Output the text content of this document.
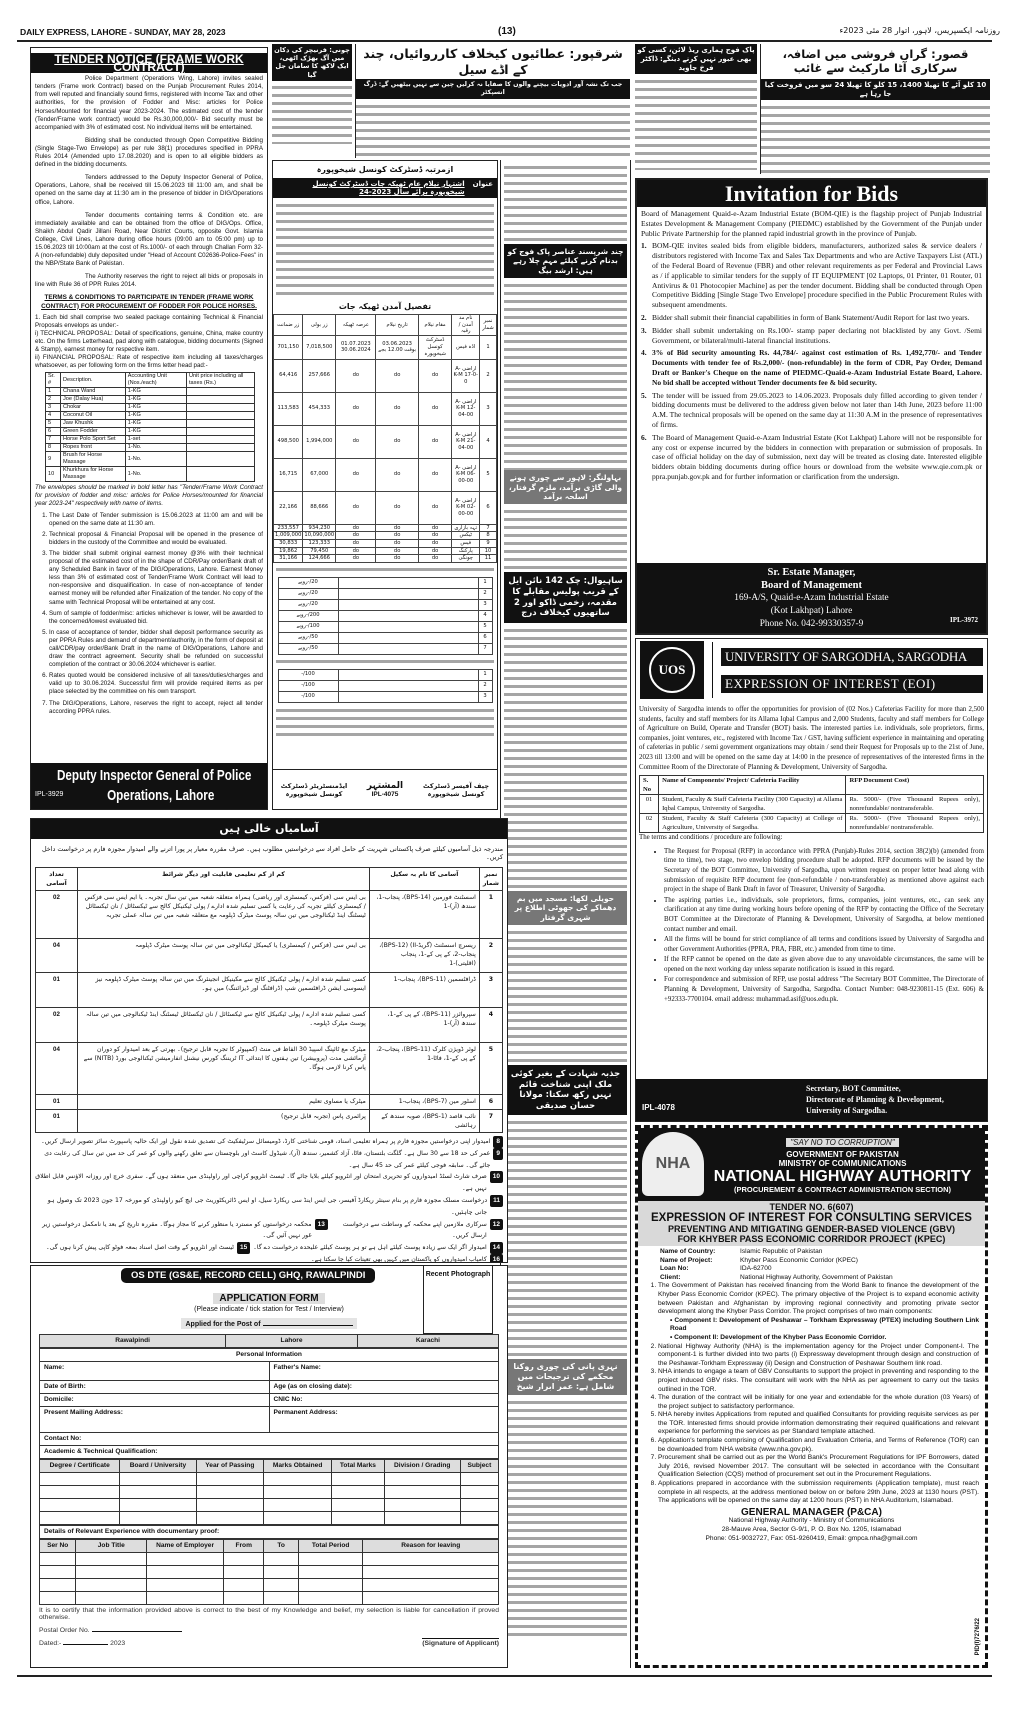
DAILY EXPRESS, LAHORE - SUNDAY, MAY 28, 2023	(13)	روزنامہ ایکسپریس، لاہور، اتوار 28 مئی 2023ء
TENDER NOTICE (FRAME WORK CONTRACT)

Police Department (Operations Wing, Lahore) invites sealed tenders (Frame work Contract) based on the Punjab Procurement Rules 2014, from well reputed and financially sound firms, registered with Income Tax and other authorities, for the provision of Fodder and Misc: articles for Police Horses/Mounted for financial year 2023-2024. The estimated cost of the tender (Tender/Frame work contract) would be Rs.30,000,000/- Bid security must be accompanied with 3% of estimated cost. No individual items will be entertained.

Bidding shall be conducted through Open Competitive Bidding (Single Stage-Two Envelope) as per rule 38(1) procedures specified in PPRA Rules 2014 (Amended upto 17.08.2020) and is open to all eligible bidders as defined in the bidding documents.

Tenders addressed to the Deputy Inspector General of Police, Operations, Lahore, shall be received till 15.06.2023 till 11:00 am, and shall be opened on the same day at 11:30 am in the presence of bidder in DIG/Operations office, Lahore.

Tender documents containing terms & Condition etc. are immediately available and can be obtained from the office of DIG/Ops. Office, Shaikh Abdul Qadir Jillani Road, Near District Courts, opposite Govt. Islamia College, Civil Lines, Lahore during office hours (09:00 am to 05:00 pm) up to 15.06.2023 till 10:00am at the cost of Rs.1000/- of each through Challan Form 32-A (non-refundable) duly deposited under "Head of Account C02636-Police-Fees" in the NBP/State Bank of Pakistan.

The Authority reserves the right to reject all bids or proposals in line with Rule 36 of PPR Rules 2014.

TERMS & CONDITIONS TO PARTICIPATE IN TENDER (FRAME WORK CONTRACT) FOR PROCUREMENT OF FODDER FOR POLICE HORSES.

1. Each bid shall comprise two sealed package containing Technical & Financial Proposals envelops as under:-

i) TECHNICAL PROPOSAL: Detail of specifications, genuine, China, make country etc. On the firms Letterhead, pad along with catalogue, bidding documents (Signed & Stamp), earnest money for respective item.

ii) FINANCIAL PROPOSAL: Rate of respective item including all taxes/charges whatsoever, as per following form on the firms letter head pad:-

Sr. #	Description.	Accounting Unit (Nos./each)	Unit price including all taxes (Rs.)
1	Chana Wand	1-KG	
2	Joe (Dalay Hua)	1-KG	
3	Chokar	1-KG	
4	Coconut Oil	1-KG	
5	Jaw Khushk	1-KG	
6	Green Fodder	1-KG	
7	Horse Polo Sport Set	1-set	
8	Ropes front	1-No.	
9	Brush for Horse Massage	1-No.	
10	Khurkhura for Horse Massage	1-No.	

The envelopes should be marked in bold letter has "Tender/Frame Work Contract for provision of fodder and misc: articles for Police Horses/mounted for financial year 2023-24" respectively with name of items.

1. The Last Date of Tender submission is 15.06.2023 at 11:00 am and will be opened on the same date at 11:30 am.
2. Technical proposal & Financial Proposal will be opened in the presence of bidders in the custody of the Committee and would be evaluated.
3. The bidder shall submit original earnest money @3% with their technical proposal of the estimated cost of in the shape of CDR/Pay order/Bank draft of any Scheduled Bank in favor of the DIG/Operations, Lahore. Earnest Money less than 3% of estimated cost of Tender/Frame Work Contract will lead to non-responsive and disqualification. In case of non-acceptance of tender earnest money will be refunded after Finalization of the tender. No copy of the same with Technical Proposal will be entertained at any cost.
4. Sum of sample of fodder/misc: articles whichever is lower, will be awarded to the concerned/lowest evaluated bid.
5. In case of acceptance of tender, bidder shall deposit performance security as per PPRA Rules and demand of department/authority, in the form of deposit at call/CDR/pay order/Bank Draft in the name of DIG/Operations, Lahore and draw the contract agreement. Security shall be refunded on successful completion of the contract or 30.06.2024 whichever is earlier.
6. Rates quoted would be considered inclusive of all taxes/duties/charges and valid up to 30.06.2024. Successful firm will provide required items as per place selected by the committee on his own transport.
7. The DIG/Operations, Lahore, reserves the right to accept, reject all tender according PPRA rules.
Deputy Inspector General of Police
Operations, Lahore
IPL-3929
چونی: فرنیچر کی دکان میں آگ بھڑک اٹھی، ایک لاکھ کا سامان جل گیا
شرقپور: عطائیوں کیخلاف کارروائیاں، چند کے اڈے سیل
جب تک نشہ آور ادویات بیچنے والوں کا صفایا نہ کرلیں چین سے نہیں بیٹھیں گے: ڈرگ انسپکٹر
پاک فوج ہماری ریڈ لائن، کسی کو بھی عبور نہیں کرنے دینگے: ڈاکٹر فرخ جاوید
قصور: گراں فروشی میں اضافہ، سرکاری آٹا مارکیٹ سے غائب
10 کلو آٹے کا تھیلا 1400، 15 کلو کا تھیلا 24 سو میں فروخت کیا جا رہا ہے
ازمرتبہ ڈسٹرکٹ کونسل شیخوپورہ
عنوان
اشتہار نیلام عام ٹھیکہ جات ڈسٹرکٹ کونسل شیخوپورہ برائے سال 2023-24
تفصیل آمدن ٹھیکہ جات
نمبر شمار	نام مد آمدن / رقبہ	مقام نیلام	تاریخ نیلام	عرصہ ٹھیکہ	زر بولی	زر ضمانت
1	اڈہ فیس	ڈسٹرکٹ کونسل شیخوپورہ	03.06.2023 بوقت 12.00 بجے	01.07.2023 30.06.2024	7,018,500	701,150
2	اراضی A-K-M 17-0-0	do	do	do	257,666	64,416
3	اراضی A-K-M 12-04-00	do	do	do	454,333	113,583
4	اراضی A-K-M 21-04-00	do	do	do	1,994,000	498,500
5	اراضی A-K-M 06-00-00	do	do	do	67,000	16,715
6	اراضی A-K-M 02-00-00	do	do	do	88,666	22,166
7	تہہ بازاری	do	do	do	934,230	233,557
8	ٹیکس	do	do	do	10,090,000	1,009,000
9	فیس	do	do	do	123,333	30,833
10	پارکنگ	do	do	do	79,450	19,862
11	چونگی	do	do	do	124,666	31,166
1		20/-روپے
2		20/-روپے
3		20/-روپے
4		200/-روپے
5		100/-روپے
6		50/-روپے
7		50/-روپے
1		100/-
2		100/-
3		100/-
چیف آفیسر ڈسٹرکٹ کونسل شیخوپورہ
المشتہر
IPL-4075
ایڈمنسٹریٹر ڈسٹرکٹ کونسل شیخوپورہ
چند شرپسند عناصر پاک فوج کو بدنام کرنے کیلئے مہم چلا رہے ہیں: ارشد بیگ
بہاولنگر: لاہور سے چوری ہونے والی گاڑی برآمد، ملزم گرفتار، اسلحہ برآمد
ساہیوال: چک 142 نائن ایل کے قریب پولیس مقابلے کا مقدمہ، زخمی ڈاکو اور 2 ساتھیوں کیخلاف درج
حویلی لکھا: مسجد میں بم دھماکے کی جھوٹی اطلاع پر شہری گرفتار
جذبہ شہادت کے بغیر کوئی ملک اپنی شناخت قائم نہیں رکھ سکتا: مولانا حسان صدیقی
نہری پانی کی چوری روکنا محکمے کی ترجیحات میں شامل ہے: عمر ابرار شیخ
Invitation for Bids

Board of Management Quaid-e-Azam Industrial Estate (BOM-QIE) is the flagship project of Punjab Industrial Estates Development & Management Company (PIEDMC) established by the Government of the Punjab under Public Private Partnership for the planned rapid industrial growth in the province of Punjab.

1. BOM-QIE invites sealed bids from eligible bidders, manufacturers, authorized sales & service dealers / distributors registered with Income Tax and Sales Tax Departments and who are Active Taxpayers List (ATL) of the Federal Board of Revenue (FBR) and other relevant requirements as per Federal and Provincial Laws as / if applicable to similar tenders for the supply of IT EQUIPMENT [02 Laptops, 01 Printer, 01 Router, 01 Antivirus & 01 Photocopier Machine] as per the tender document. Bidding shall be conducted through Open Competitive Bidding [Single Stage Two Envelope] procedure specified in the Public Procurement Rules with subsequent amendments.
2. Bidder shall submit their financial capabilities in form of Bank Statement/Audit Report for last two years.
3. Bidder shall submit undertaking on Rs.100/- stamp paper declaring not blacklisted by any Govt. /Semi Government, or bilateral/multi-lateral financial institutions.
4. 3% of Bid security amounting Rs. 44,784/- against cost estimation of Rs. 1,492,770/- and Tender Documents with tender fee of Rs.2,000/- (non-refundable) in the form of CDR, Pay Order, Demand Draft or Banker's Cheque on the name of PIEDMC-Quaid-e-Azam Industrial Estate Board, Lahore. No bid shall be accepted without Tender documents fee & bid security.
5. The tender will be issued from 29.05.2023 to 14.06.2023. Proposals duly filled according to given tender / bidding documents must be delivered to the address given below not later than 14th June, 2023 before 11:00 A.M. The technical proposals will be opened on the same day at 11:30 A.M in the presence of representatives of firms.
6. The Board of Management Quaid-e-Azam Industrial Estate (Kot Lakhpat) Lahore will not be responsible for any cost or expense incurred by the bidders in connection with preparation or submission of proposals. In case of official holiday on the day of submission, next day will be treated as closing date. Interested eligible bidders obtain bidding documents during office hours or download from the website www.qie.com.pk or ppra.punjab.gov.pk and for further information or clarification from the undersign.
Sr. Estate Manager,
Board of Management
169-A/S, Quaid-e-Azam Industrial Estate
(Kot Lakhpat) Lahore
Phone No. 042-99330357-9	IPL-3972
UOS
UNIVERSITY OF SARGODHA, SARGODHA
EXPRESSION OF INTEREST (EOI)

University of Sargodha intends to offer the opportunities for provision of (02 Nos.) Cafeterias Facility for more than 2,500 students, faculty and staff members for its Allama Iqbal Campus and 2,000 Students, faculty and staff members for College of Agriculture on Build, Operate and Transfer (BOT) basis. The interested parties i.e. individuals, sole proprietors, firms, companies, joint ventures, etc., registered with Income Tax / GST, having sufficient experience in maintaining and operating of cafeterias in public / semi government organizations may obtain / send their Request for Proposals up to the 21st of June, 2023 till 13:00 and will be opened on the same day at 14:00 in the presence of representatives of the interested firms in the Committee Room of the Directorate of Planning & Development, University of Sargodha.

S. No	Name of Components/ Project/ Cafeteria Facility	RFP Document Cost)
01	Student, Faculty & Staff Cafeteria Facility (300 Capacity) at Allama Iqbal Campus, University of Sargodha.	Rs. 5000/- (Five Thousand Rupees only), nonrefundable/ nontransferable.
02	Student, Faculty & Staff Cafeteria (300 Capacity) at College of Agriculture, University of Sargodha.	Rs. 5000/- (Five Thousand Rupees only), nonrefundable/ nontransferable.

The terms and conditions / procedure are following:

• The Request for Proposal (RFP) in accordance with PPRA (Punjab)-Rules 2014, section 38(2)(b) (amended from time to time), two stage, two envelop bidding procedure shall be adopted. RFP documents will be issued by the Secretary of the BOT Committee, University of Sargodha, upon written request on proper letter head along with submission of requisite RFP document fee (non-refundable / non-transferable) as mentioned above against each project in the shape of Bank Draft in favor of Treasurer, University of Sargodha.
• The aspiring parties i.e., individuals, sole proprietors, firms, companies, joint ventures, etc., can seek any clarification at any time during working hours before opening of the RFP by contacting the Office of the Secretary BOT Committee at the Directorate of Planning & Development, University of Sargodha, at below mentioned contact number and email.
• All the firms will be bound for strict compliance of all terms and conditions issued by University of Sargodha and other Government Authorities (PPRA, PRA, FBR, etc.) amended from time to time.
• If the RFP cannot be opened on the date as given above due to any unavoidable circumstances, the same will be opened on the next working day unless separate notification is issued in this regard.
• For correspondence and submission of RFP, use postal address "The Secretary BOT Committee, The Directorate of Planning & Development, University of Sargodha, Sargodha. Contact Number: 048-9230811-15 (Ext. 606) & +92333-7700104. email address: muhammad.asif@uos.edu.pk.
Secretary, BOT Committee,
Directorate of Planning & Development,
University of Sargodha.
IPL-4078
NHA
"SAY NO TO CORRUPTION"
GOVERNMENT OF PAKISTAN
MINISTRY OF COMMUNICATIONS
NATIONAL HIGHWAY AUTHORITY
(PROCUREMENT & CONTRACT ADMINISTRATION SECTION)
TENDER NO. 6(607)
EXPRESSION OF INTEREST FOR CONSULTING SERVICES
PREVENTING AND MITIGATING GENDER-BASED VIOLENCE (GBV)
FOR KHYBER PASS ECONOMIC CORRIDOR PROJECT (KPEC)
Name of Country:	Islamic Republic of Pakistan
Name of Project:	Khyber Pass Economic Corridor (KPEC)
Loan No:	IDA-62700
Client:	National Highway Authority, Government of Pakistan
1. The Government of Pakistan has received financing from the World Bank to finance the development of the Khyber Pass Economic Corridor (KPEC). The primary objective of the Project is to expand economic activity between Pakistan and Afghanistan by improving regional connectivity and promoting private sector development along the Khyber Pass Corridor. The project comprises of two main components:
• Component I: Development of Peshawar – Torkham Expressway (PTEX) including Southern Link Road
• Component II: Development of the Khyber Pass Economic Corridor.
2. National Highway Authority (NHA) is the implementation agency for the Project under Component-I. The component-1 is further divided into two parts (i) Expressway development through design and construction of the Peshawar-Torkham Expressway (ii) Design and Construction of Peshawar Southern link road.
3. NHA intends to engage a team of GBV Consultants to support the project in preventing and responding to the project induced GBV risks. The consultant will work with the NHA as per agreement to carry out the tasks outlined in the TOR.
4. The duration of the contract will be initially for one year and extendable for the whole duration (03 Years) of the project subject to satisfactory performance.
5. NHA hereby invites Applications from reputed and qualified Consultants for providing requisite services as per the TOR. Interested firms should provide information demonstrating their required qualifications and relevant experience for performing the services as per Standard template attached.
6. Application's template comprising of Qualification and Evaluation Criteria, and Terms of Reference (TOR) can be downloaded from NHA website (www.nha.gov.pk).
7. Procurement shall be carried out as per the World Bank's Procurement Regulations for IPF Borrowers, dated July 2016, revised November 2017. The consultant will be selected in accordance with the Consultant Qualification Selection (CQS) method of procurement set out in the Procurement Regulations.
8. Applications prepared in accordance with the submission requirements (Application template), must reach complete in all respects, at the address mentioned below on or before 29th June, 2023 at 1130 hours (PST). The applications will be opened on the same day at 1200 hours (PST) in NHA Auditorium, Islamabad.
GENERAL MANAGER (P&CA)
National Highway Authority - Ministry of Communications
28-Mauve Area, Sector G-9/1, P. O. Box No. 1205, Islamabad
Phone: 051-9032727, Fax: 051-9260419, Email: gmpca.nha@gmail.com
PID(I)7276/22
آسامیاں خالی ہیں
مندرجہ ذیل آسامیوں کیلئے صرف پاکستانی شہریت کے حامل افراد سے درخواستیں مطلوب ہیں۔ صرف مقررہ معیار پر پورا اترنے والے امیدوار مجوزہ فارم پر درخواست داخل کریں۔
نمبر شمار	آسامی کا نام بہ سکیل	کم از کم تعلیمی قابلیت اور دیگر شرائط	تعداد آسامی
1	اسسٹنٹ فورمین (BPS-14)، پنجاب-1، سندھ (آر)-1	بی ایس سی (فزکس، کیمسٹری اور ریاضی) ہمراہ متعلقہ شعبہ میں تین سال تجربہ۔ یا ایم ایس سی فزکس / کیمسٹری کیلئے تجربہ کی رعایت یا کسی تسلیم شدہ ادارے / پولی ٹیکنیکل کالج سے ٹیکسٹائل / نان ٹیکسٹائل ٹیسٹنگ اینڈ ٹیکنالوجی میں تین سالہ پوسٹ میٹرک ڈپلومہ مع متعلقہ شعبہ میں تین سالہ عملی تجربہ	02
2	ریسرچ اسسٹنٹ (گریڈ-II) (BPS-12)، پنجاب-2، کے پی کے-1، پنجاب (اقلیتی)-1	بی ایس سی (فزکس / کیمسٹری) یا کیمیکل ٹیکنالوجی میں تین سالہ پوسٹ میٹرک ڈپلومہ	04
3	ڈرافٹسمین (BPS-11)، پنجاب-1	کسی تسلیم شدہ ادارے / پولی ٹیکنیکل کالج سے مکینیکل انجینئرنگ میں تین سالہ پوسٹ میٹرک ڈپلومہ نیز ایسوسی ایشن ڈرافٹسمین شپ (ڈرافٹنگ اور ڈیزائننگ) میں ہو۔	01
4	سپروائزر (BPS-11)، کے پی کے-1، سندھ (آر)-1	کسی تسلیم شدہ ادارے / پولی ٹیکنیکل کالج سے ٹیکسٹائل / نان ٹیکسٹائل ٹیسٹنگ اینڈ ٹیکنالوجی میں تین سالہ پوسٹ میٹرک ڈپلومہ۔	02
5	لوئر ڈویژن کلرک (BPS-11)، پنجاب-2، کے پی کے-1، فاٹا-1	میٹرک مع ٹائپنگ اسپیڈ 30 الفاظ فی منٹ (کمپیوٹر کا تجربہ قابل ترجیح)۔ بھرتی کے بعد امیدوار کو دوران آزمائشی مدت (پروبیشن) تین ہفتوں کا ابتدائی IT ٹریننگ کورس نیشنل انفارمیشن ٹیکنالوجی بورڈ (NITB) سے پاس کرنا لازمی ہوگا۔	04
6	اسٹور مین (BPS-7)، پنجاب-1	میٹرک یا مساوی تعلیم	01
7	نائب قاصد (BPS-1)، صوبہ سندھ کے رہائشی	پرائمری پاس (تجربہ قابل ترجیح)	01
8
امیدوار اپنی درخواستیں مجوزہ فارم پر ہمراہ تعلیمی اسناد، قومی شناختی کارڈ، ڈومیسائل سرٹیفکیٹ کی تصدیق شدہ نقول اور ایک حالیہ پاسپورٹ سائز تصویر ارسال کریں۔
9
عمر کی حد 18 سے 30 سال ہے۔ گلگت بلتستان، فاٹا، آزاد کشمیر، سندھ (آر)، شیڈول کاسٹ اور بلوچستان سے تعلق رکھنے والوں کو عمر کی حد میں تین سال کی رعایت دی جائے گی۔ سابقہ فوجی کیلئے عمر کی حد 45 سال ہے۔
10
صرف شارٹ لسٹڈ امیدواروں کو تحریری امتحان اور انٹرویو کیلئے بلایا جائے گا۔ ٹیسٹ انٹرویو کراچی اور راولپنڈی میں منعقد ہوں گے۔ سفری خرچ اور روزانہ الاؤنس قابل اطلاق نہیں ہے۔
11
درخواست مسلک مجوزہ فارم پر بنام سینئر ریکارڈ آفیسر، جی ایس اینڈ سی ریکارڈ سیل، او ایس ڈائریکٹوریٹ جی ایچ کیو راولپنڈی کو مورخہ 17 جون 2023 تک وصول ہو جانی چاہئیں۔
12
سرکاری ملازمین اپنے محکمہ کے وساطت سے درخواست ارسال کریں۔
13
محکمہ درخواستوں کو مسترد یا منظور کرنے کا مجاز ہوگا۔ مقررہ تاریخ کے بعد یا نامکمل درخواستیں زیر غور نہیں آئیں گی۔
14
امیدوار اگر ایک سے زیادہ پوسٹ کیلئے اہل ہے تو ہر پوسٹ کیلئے علیحدہ درخواست دے گا۔
15
ٹیسٹ اور انٹرویو کے وقت اصل اسناد بمعہ فوٹو کاپی پیش کرنا ہوں گی۔
16
کامیاب امیدواروں کو پاکستان میں کہیں بھی تعینات کیا جا سکتا ہے۔
OS DTE (GS&E, RECORD CELL) GHQ, RAWALPINDI	Recent Photograph
APPLICATION FORM
(Please indicate / tick station for Test / Interview)
Applied for the Post of
Rawalpindi	Lahore	Karachi
Personal Information	
Name:	Father's Name:
Date of Birth:	Age (as on closing date):
Domicile:	CNIC No:
Present Mailing Address:	Permanent Address:
Contact No:	
Academic & Technical Qualification:	
Degree / Certificate	Board / University	Year of Passing	Marks Obtained	Total Marks	Division / Grading	Subject

Details of Relevant Experience with documentary proof:
Ser No	Job Title	Name of Employer	From	To	Total Period	Reason for leaving

It is to certify that the information provided above is correct to the best of my Knowledge and belief, my selection is liable for cancellation if proved otherwise.
Postal Order No.
Dated:-	2023	(Signature of Applicant)
